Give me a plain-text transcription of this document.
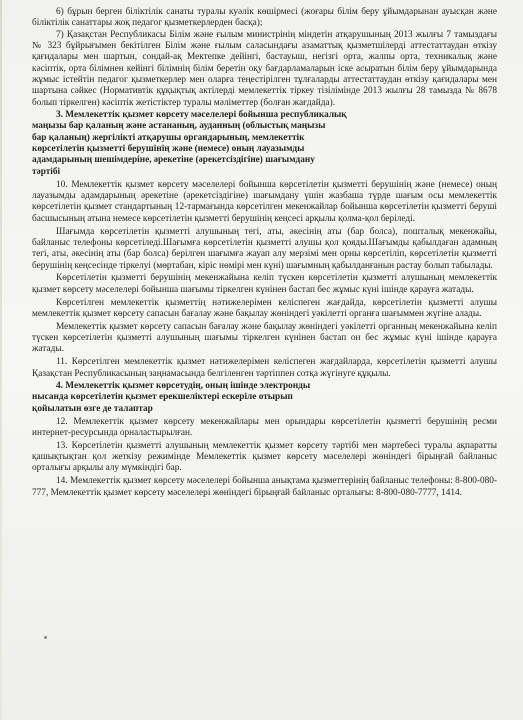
6) бұрын берген біліктілік санаты туралы куәлік көшірмесі (жоғары білім беру ұйымдарынан ауысқан және біліктілік санаттары жоқ педагог қызметкерлерден басқа);

7) Қазақстан Республикасы Білім және ғылым министрінің міндетін атқарушының 2013 жылғы 7 тамыздағы № 323 бұйрығымен бекітілген Білім және ғылым саласындағы азаматтық қызметшілерді аттестаттаудан өткізу қағидалары мен шартын, сондай-ақ Мектепке дейінгі, бастауыш, негізгі орта, жалпы орта, техникалық және кәсіптік, орта білімнен кейінгі білімнің білім беретін оқу бағдарламаларын іске асыратын білім беру ұйымдарында жұмыс істейтін педагог қызметкерлер мен оларға теңестірілген тұлғаларды аттестаттаудан өткізу қағидалары мен шартына сәйкес (Нормативтік құқықтық актілерді мемлекеттік тіркеу тізілімінде 2013 жылғы 28 тамызда № 8678 болып тіркелген) кәсіптік жетістіктер туралы мәліметтер (болған жағдайда).

3. Мемлекеттік қызмет көрсету мәселелері бойынша республикалық
маңызы бар қаланың және астананың, ауданның (облыстық маңызы
бар қаланың) жергілікті атқарушы органдарының, мемлекеттік
көрсетілетін қызметті берушінің және (немесе) оның лауазымды
адамдарының шешімдеріне, әрекетіне (әрекетсіздігіне) шағымдану
тәртібі

10. Мемлекеттік қызмет көрсету мәселелері бойынша көрсетілетін қызметті берушінің және (немесе) оның лауазымды адамдарының әрекетіне (әрекетсіздігіне) шағымдану үшін жазбаша түрде шағым осы мемлекеттік көрсетілетін қызмет стандартының 12-тармағында көрсетілген мекенжайлар бойынша көрсетілетін қызметті беруші басшысының атына немесе көрсетілетін қызметті берушінің кеңсесі арқылы қолма-қол беріледі.

Шағымда көрсетілетін қызметті алушының тегі, аты, әкесінің аты (бар болса), пошталық мекенжайы, байланыс телефоны көрсетіледі.Шағымға көрсетілетін қызметті алушы қол қояды.Шағымды қабылдаған адамның тегі, аты, әкесінің аты (бар болса) берілген шағымға жауап алу мерзімі мен орны көрсетіліп, көрсетілетін қызметті берушінің кеңсесінде тіркелуі (мөртабан, кіріс нөмірі мен күні) шағымның қабылданғанын растау болып табылады.

Көрсетілетін қызметті берушінің мекенжайына келіп түскен көрсетілетін қызметті алушының мемлекеттік қызмет көрсету мәселелері бойынша шағымы тіркелген күнінен бастап бес жұмыс күні ішінде қарауға жатады.

Көрсетілген мемлекеттік қызметтің нәтижелерімен келіспеген жағдайда, көрсетілетін қызметті алушы мемлекеттік қызмет көрсету сапасын бағалау және бақылау жөніндегі уәкілетті органға шағыммен жүгіне алады.

Мемлекеттік қызмет көрсету сапасын бағалау және бақылау жөніндегі уәкілетті органның мекенжайына келіп түскен көрсетілетін қызметті алушының шағымы тіркелген күнінен бастап он бес жұмыс күні ішінде қарауға жатады.

11. Көрсетілген мемлекеттік қызмет нәтижелерімен келіспеген жағдайларда, көрсетілетін қызметті алушы Қазақстан Республикасының заңнамасында белгіленген тәртіппен сотқа жүгінуге құқылы.

4. Мемлекеттік қызмет көрсетудің, оның ішінде электронды
нысанда көрсетілетін қызмет ерекшеліктері ескеріле отырып
қойылатын өзге де талаптар

12. Мемлекеттік қызмет көрсету мекенжайлары мен орындары көрсетілетін қызметті берушінің ресми интернет-ресурсында орналастырылған.

13. Көрсетілетін қызметті алушының мемлекеттік қызмет көрсету тәртібі мен мәртебесі туралы ақпаратты қашықтықтан қол жеткізу режимінде Мемлекеттік қызмет көрсету мәселелері жөніндегі бірыңғай байланыс орталығы арқылы алу мүмкіндігі бар.

14. Мемлекеттік қызмет көрсету мәселелері бойынша анықтама қызметтерінің байланыс телефоны: 8-800-080-777, Мемлекеттік қызмет көрсету мәселелері жөніндегі бірыңғай байланыс орталығы: 8-800-080-7777, 1414.
